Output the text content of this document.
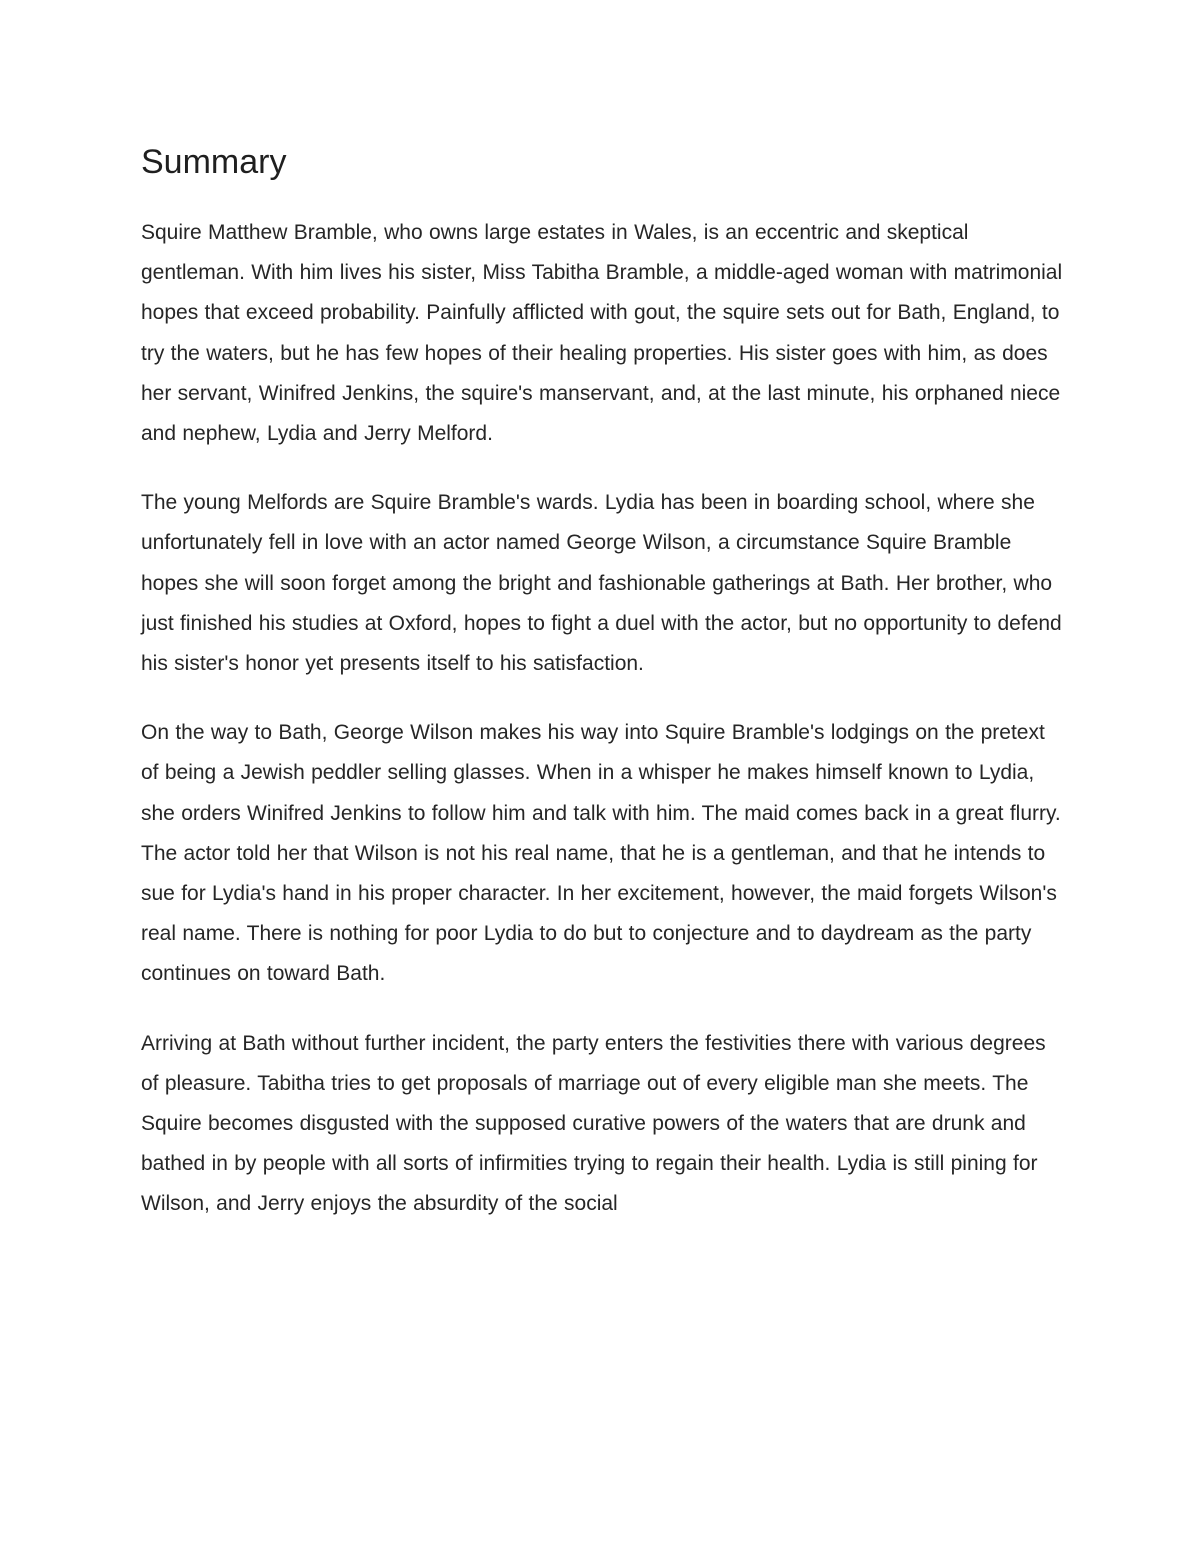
Summary

Squire Matthew Bramble, who owns large estates in Wales, is an eccentric and skeptical gentleman. With him lives his sister, Miss Tabitha Bramble, a middle-aged woman with matrimonial hopes that exceed probability. Painfully afflicted with gout, the squire sets out for Bath, England, to try the waters, but he has few hopes of their healing properties. His sister goes with him, as does her servant, Winifred Jenkins, the squire's manservant, and, at the last minute, his orphaned niece and nephew, Lydia and Jerry Melford.

The young Melfords are Squire Bramble's wards. Lydia has been in boarding school, where she unfortunately fell in love with an actor named George Wilson, a circumstance Squire Bramble hopes she will soon forget among the bright and fashionable gatherings at Bath. Her brother, who just finished his studies at Oxford, hopes to fight a duel with the actor, but no opportunity to defend his sister's honor yet presents itself to his satisfaction.

On the way to Bath, George Wilson makes his way into Squire Bramble's lodgings on the pretext of being a Jewish peddler selling glasses. When in a whisper he makes himself known to Lydia, she orders Winifred Jenkins to follow him and talk with him. The maid comes back in a great flurry. The actor told her that Wilson is not his real name, that he is a gentleman, and that he intends to sue for Lydia's hand in his proper character. In her excitement, however, the maid forgets Wilson's real name. There is nothing for poor Lydia to do but to conjecture and to daydream as the party continues on toward Bath.

Arriving at Bath without further incident, the party enters the festivities there with various degrees of pleasure. Tabitha tries to get proposals of marriage out of every eligible man she meets. The Squire becomes disgusted with the supposed curative powers of the waters that are drunk and bathed in by people with all sorts of infirmities trying to regain their health. Lydia is still pining for Wilson, and Jerry enjoys the absurdity of the social
